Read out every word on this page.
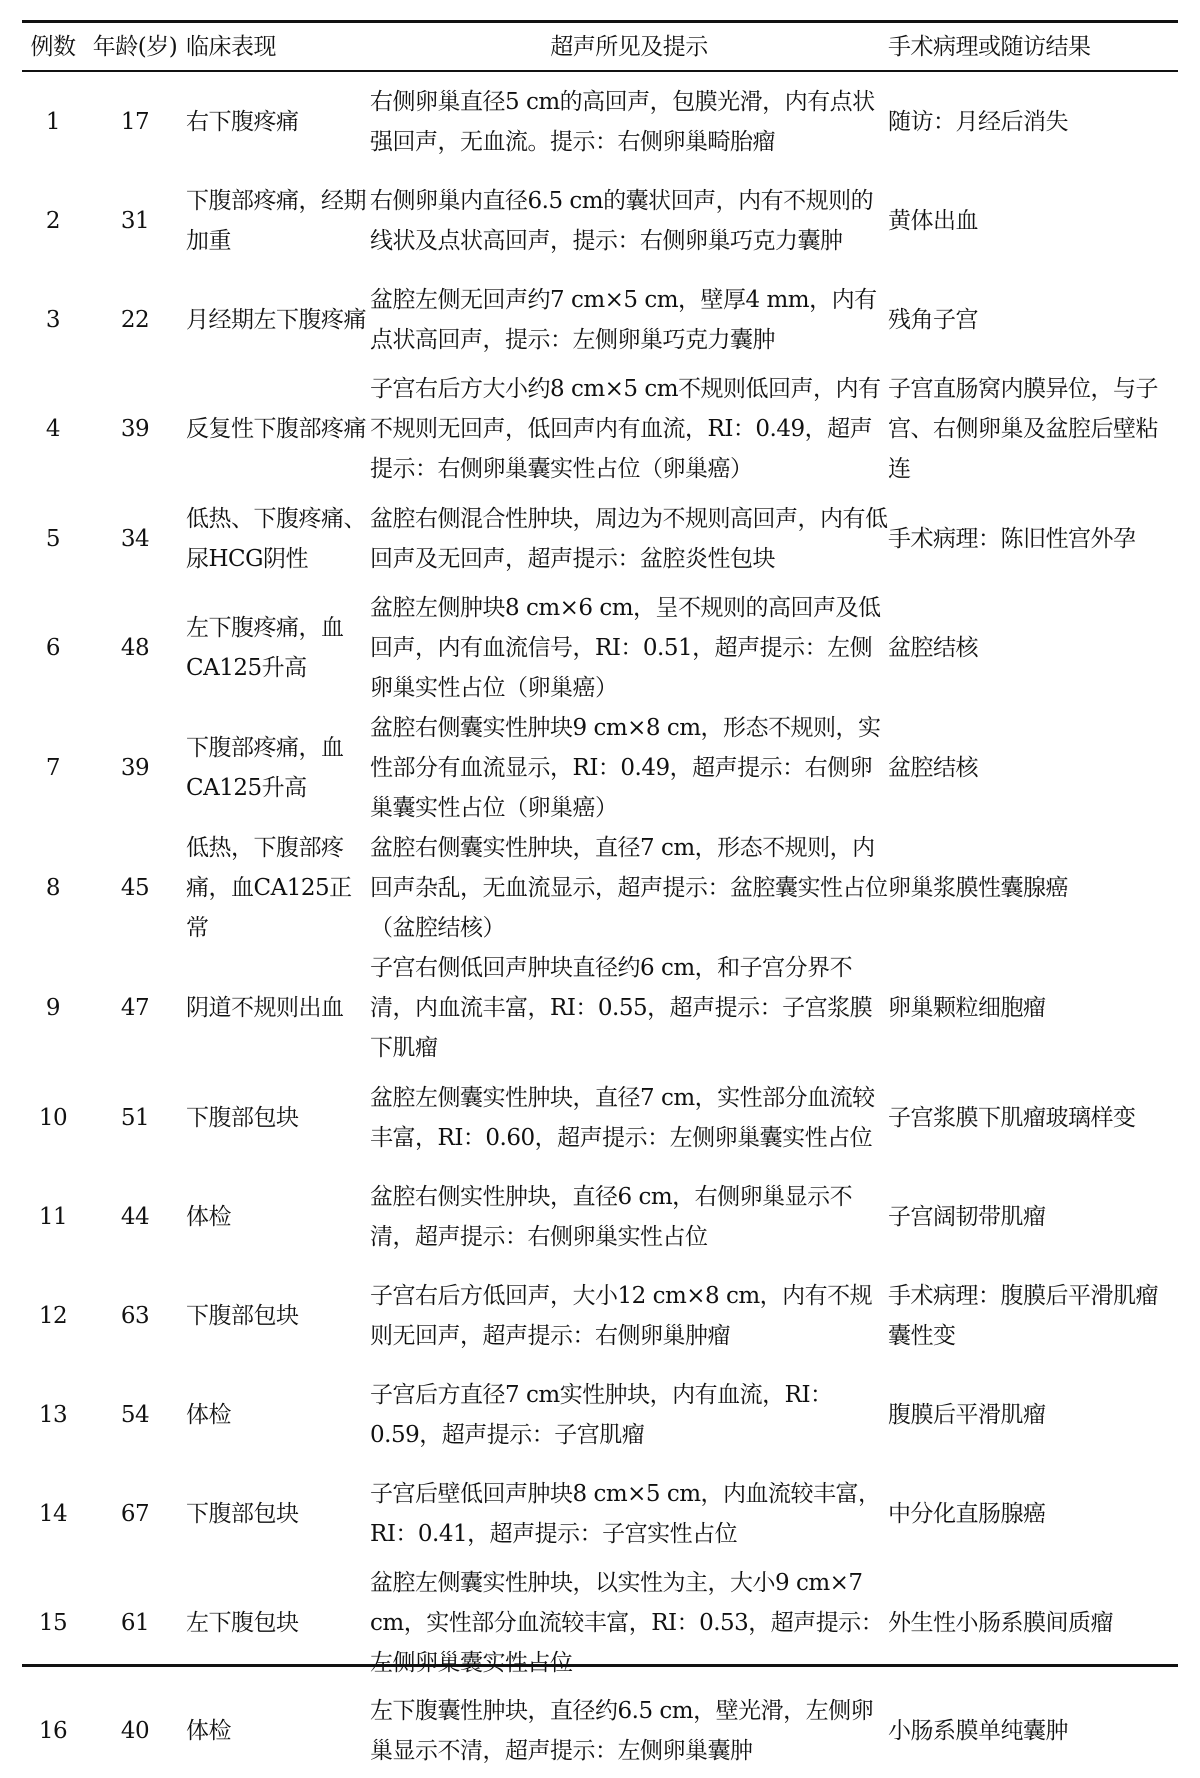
例数	年龄(岁)	临床表现	超声所见及提示	手术病理或随访结果

1	17	右下腹疼痛	右侧卵巢直径5 cm的高回声，包膜光滑，内有点状强回声，无血流。提示：右侧卵巢畸胎瘤	随访：月经后消失
2	31	下腹部疼痛，经期加重	右侧卵巢内直径6.5 cm的囊状回声，内有不规则的线状及点状高回声，提示：右侧卵巢巧克力囊肿	黄体出血
3	22	月经期左下腹疼痛	盆腔左侧无回声约7 cm×5 cm，壁厚4 mm，内有点状高回声，提示：左侧卵巢巧克力囊肿	残角子宫
4	39	反复性下腹部疼痛	子宫右后方大小约8 cm×5 cm不规则低回声，内有不规则无回声，低回声内有血流，RI：0.49，超声提示：右侧卵巢囊实性占位（卵巢癌）	子宫直肠窝内膜异位，与子宫、右侧卵巢及盆腔后壁粘连
5	34	低热、下腹疼痛、尿HCG阴性	盆腔右侧混合性肿块，周边为不规则高回声，内有低回声及无回声，超声提示：盆腔炎性包块	手术病理：陈旧性宫外孕
6	48	左下腹疼痛，血CA125升高	盆腔左侧肿块8 cm×6 cm，呈不规则的高回声及低回声，内有血流信号，RI：0.51，超声提示：左侧卵巢实性占位（卵巢癌）	盆腔结核
7	39	下腹部疼痛，血CA125升高	盆腔右侧囊实性肿块9 cm×8 cm，形态不规则，实性部分有血流显示，RI：0.49，超声提示：右侧卵巢囊实性占位（卵巢癌）	盆腔结核
8	45	低热，下腹部疼痛，血CA125正常	盆腔右侧囊实性肿块，直径7 cm，形态不规则，内回声杂乱，无血流显示，超声提示：盆腔囊实性占位（盆腔结核）	卵巢浆膜性囊腺癌
9	47	阴道不规则出血	子宫右侧低回声肿块直径约6 cm，和子宫分界不清，内血流丰富，RI：0.55，超声提示：子宫浆膜下肌瘤	卵巢颗粒细胞瘤
10	51	下腹部包块	盆腔左侧囊实性肿块，直径7 cm，实性部分血流较丰富，RI：0.60，超声提示：左侧卵巢囊实性占位	子宫浆膜下肌瘤玻璃样变
11	44	体检	盆腔右侧实性肿块，直径6 cm，右侧卵巢显示不清，超声提示：右侧卵巢实性占位	子宫阔韧带肌瘤
12	63	下腹部包块	子宫右后方低回声，大小12 cm×8 cm，内有不规则无回声，超声提示：右侧卵巢肿瘤	手术病理：腹膜后平滑肌瘤囊性变
13	54	体检	子宫后方直径7 cm实性肿块，内有血流，RI：0.59，超声提示：子宫肌瘤	腹膜后平滑肌瘤
14	67	下腹部包块	子宫后壁低回声肿块8 cm×5 cm，内血流较丰富，RI：0.41，超声提示：子宫实性占位	中分化直肠腺癌
15	61	左下腹包块	盆腔左侧囊实性肿块，以实性为主，大小9 cm×7 cm，实性部分血流较丰富，RI：0.53，超声提示：左侧卵巢囊实性占位	外生性小肠系膜间质瘤
16	40	体检	左下腹囊性肿块，直径约6.5 cm，壁光滑，左侧卵巢显示不清，超声提示：左侧卵巢囊肿	小肠系膜单纯囊肿
